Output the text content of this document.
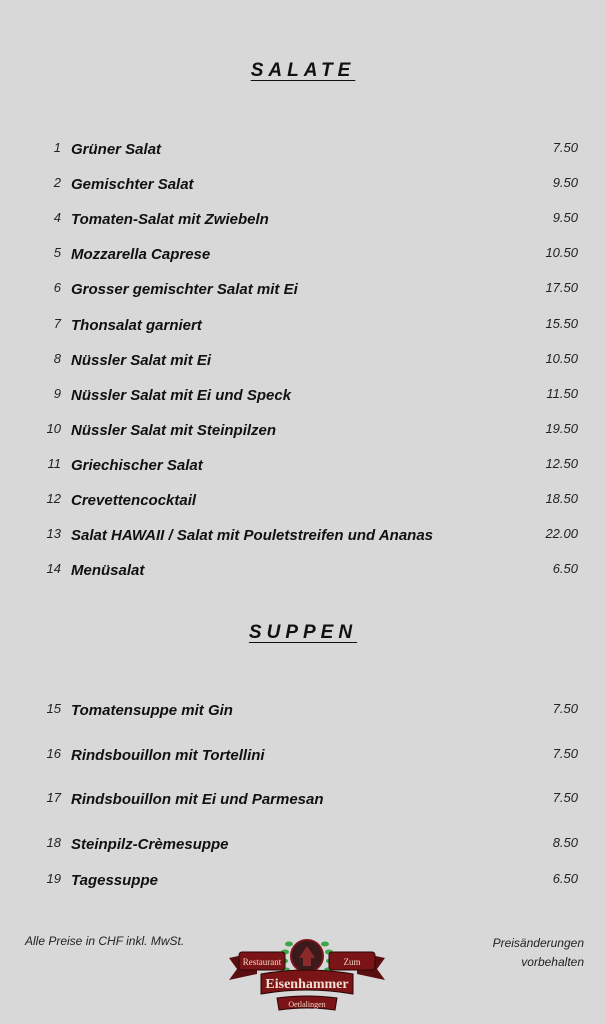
SALATE
1 Grüner Salat	7.50
2 Gemischter Salat	9.50
4 Tomaten-Salat mit Zwiebeln	9.50
5 Mozzarella Caprese	10.50
6 Grosser gemischter Salat mit Ei	17.50
7 Thonsalat garniert	15.50
8 Nüssler Salat mit Ei	10.50
9 Nüssler Salat mit Ei und Speck	11.50
10 Nüssler Salat mit Steinpilzen	19.50
11 Griechischer Salat	12.50
12 Crevettencocktail	18.50
13 Salat HAWAII / Salat mit Pouletstreifen und Ananas	22.00
14 Menüsalat	6.50
SUPPEN
15 Tomatensuppe mit Gin	7.50
16 Rindsbouillon mit Tortellini	7.50
17 Rindsbouillon mit Ei und Parmesan	7.50
18 Steinpilz-Crèmesuppe	8.50
19 Tagessuppe	6.50
Alle Preise in CHF inkl. MwSt.	Preisänderungen
vorbehalten
Restaurant	Zum
Eisenhammer
Oetlalingen
